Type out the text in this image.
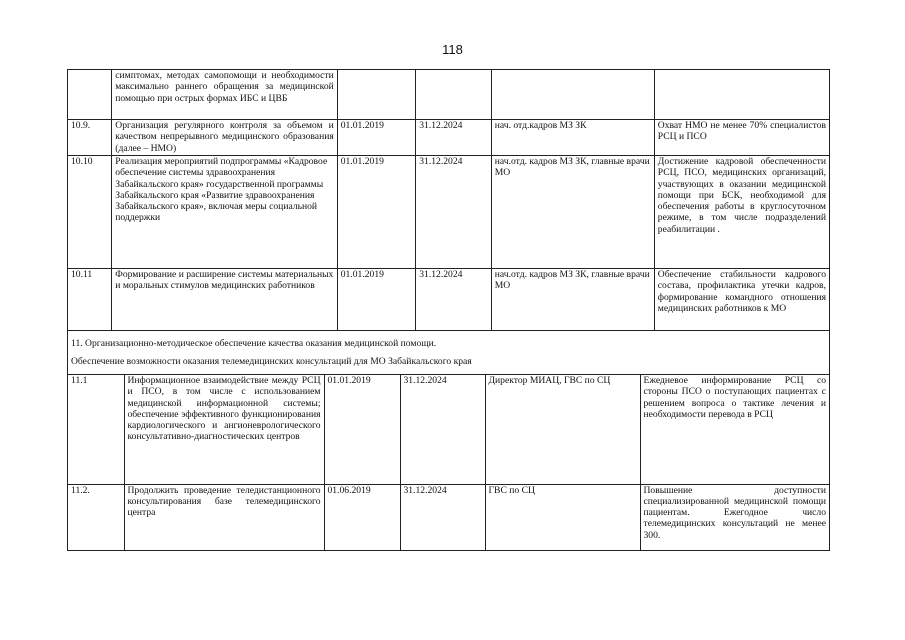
118
	симптомах, методах самопомощи и необходимости максимально раннего обращения за медицинской помощью при острых формах ИБС и ЦВБ				
10.9.	Организация регулярного контроля за объемом и качеством непрерывного медицинского образования (далее – НМО)	01.01.2019	31.12.2024	нач. отд.кадров МЗ ЗК	Охват НМО не менее 70% специалистов РСЦ и ПСО
10.10	Реализация мероприятий подпрограммы «Кадровое обеспечение системы здравоохранения Забайкальского края» государственной программы Забайкальского края «Развитие здравоохранения Забайкальского края», включая меры социальной поддержки	01.01.2019	31.12.2024	нач.отд. кадров МЗ ЗК, главные врачи МО	Достижение кадровой обеспеченности РСЦ, ПСО, медицинских организаций, участвующих в оказании медицинской помощи при БСК, необходимой для обеспечения работы в круглосуточном режиме, в том числе подразделений реабилитации .
10.11	Формирование и расширение системы материальных и моральных стимулов медицинских работников	01.01.2019	31.12.2024	нач.отд. кадров МЗ ЗК, главные врачи МО	Обеспечение стабильности кадрового состава, профилактика утечки кадров, формирование командного отношения медицинских работников к МО

11. Организационно-методическое обеспечение качества оказания медицинской помощи.
Обеспечение возможности оказания телемедицинских консультаций для МО Забайкальского края

11.1	Информационное взаимодействие между РСЦ и ПСО, в том числе с использованием медицинской информационной системы; обеспечение эффективного функционирования кардиологического и ангионеврологического консультативно-диагностических центров	01.01.2019	31.12.2024	Директор МИАЦ, ГВС по СЦ	Ежедневое информирование РСЦ со стороны ПСО о поступающих пациентах с решением вопроса о тактике лечения и необходимости перевода в РСЦ
11.2.	Продолжить проведение теледистанционного консультирования базе телемедицинского центра	01.06.2019	31.12.2024	ГВС по СЦ	Повышение доступности специализированной медицинской помощи пациентам. Ежегодное число телемедицинских консультаций не менее 300.
